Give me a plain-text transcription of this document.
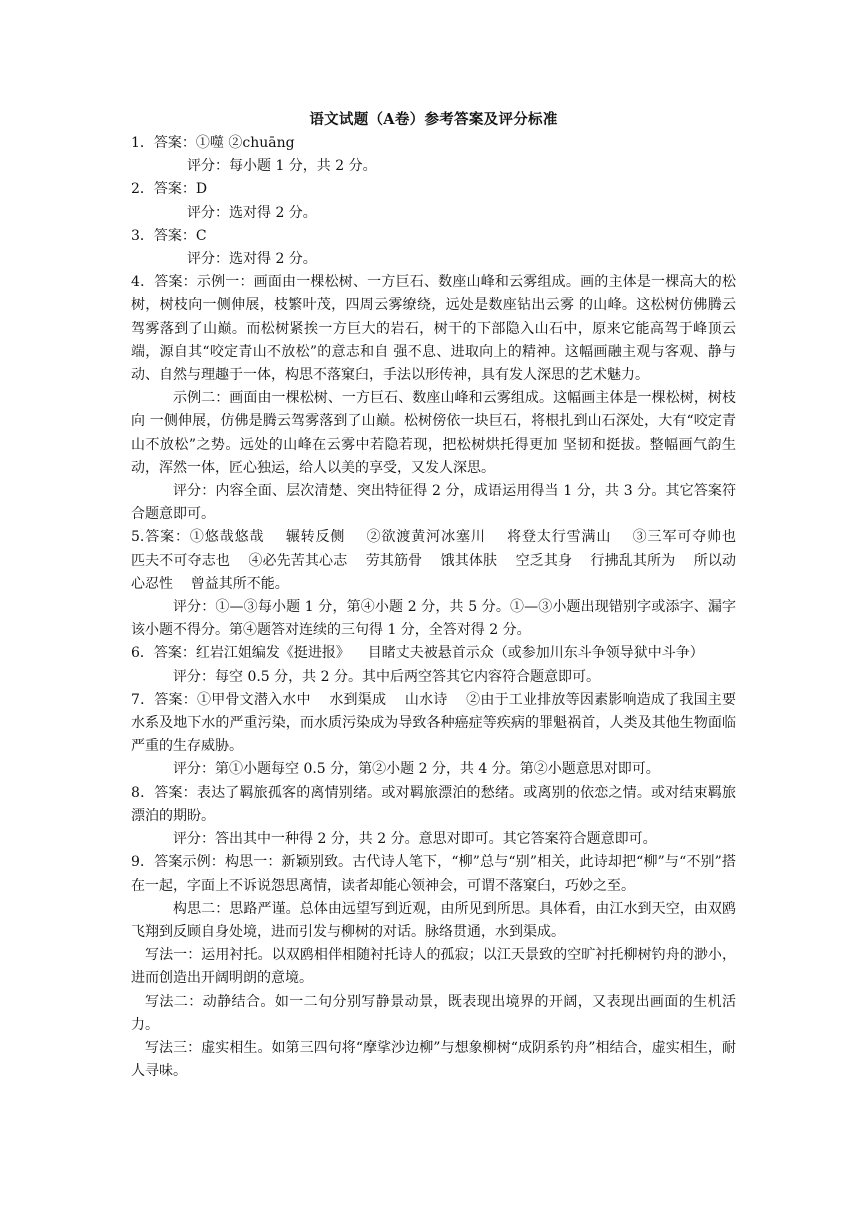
语文试题（A卷）参考答案及评分标准

1．答案：①噬 ②chuāng

评分：每小题 1 分，共 2 分。

2．答案：D

评分：选对得 2 分。

3．答案：C

评分：选对得 2 分。

4．答案：示例一：画面由一棵松树、一方巨石、数座山峰和云雾组成。画的主体是一棵高大的松树，树枝向一侧伸展，枝繁叶茂，四周云雾缭绕，远处是数座钻出云雾 的山峰。这松树仿佛腾云驾雾落到了山巅。而松树紧挨一方巨大的岩石，树干的下部隐入山石中，原来它能高驾于峰顶云端，源自其“咬定青山不放松”的意志和自 强不息、进取向上的精神。这幅画融主观与客观、静与动、自然与理趣于一体，构思不落窠臼，手法以形传神，具有发人深思的艺术魅力。

示例二：画面由一棵松树、一方巨石、数座山峰和云雾组成。这幅画主体是一棵松树，树枝向 一侧伸展，仿佛是腾云驾雾落到了山巅。松树傍依一块巨石，将根扎到山石深处，大有“咬定青山不放松”之势。远处的山峰在云雾中若隐若现，把松树烘托得更加 坚韧和挺拔。整幅画气韵生动，浑然一体，匠心独运，给人以美的享受，又发人深思。

评分：内容全面、层次清楚、突出特征得 2 分，成语运用得当 1 分，共 3 分。其它答案符合题意即可。

5.答案：①悠哉悠哉    辗转反侧    ②欲渡黄河冰塞川    将登太行雪满山    ③三军可夺帅也         匹夫不可夺志也    ④必先苦其心志    劳其筋骨    饿其体肤    空乏其身    行拂乱其所为    所以动心忍性    曾益其所不能。

评分：①—③每小题 1 分，第④小题 2 分，共 5 分。①—③小题出现错别字或添字、漏字该小题不得分。第④题答对连续的三句得 1 分，全答对得 2 分。

6．答案：红岩江姐编发《挺进报》    目睹丈夫被悬首示众（或参加川东斗争领导狱中斗争）

评分：每空 0.5 分，共 2 分。其中后两空答其它内容符合题意即可。

7．答案：①甲骨文潜入水中    水到渠成    山水诗    ②由于工业排放等因素影响造成了我国主要水系及地下水的严重污染，而水质污染成为导致各种癌症等疾病的罪魁祸首，人类及其他生物面临严重的生存威胁。

评分：第①小题每空 0.5 分，第②小题 2 分，共 4 分。第②小题意思对即可。

8．答案：表达了羁旅孤客的离情别绪。或对羁旅漂泊的愁绪。或离别的依恋之情。或对结束羁旅漂泊的期盼。

评分：答出其中一种得 2 分，共 2 分。意思对即可。其它答案符合题意即可。

9．答案示例：构思一：新颖别致。古代诗人笔下，“柳”总与“别”相关，此诗却把“柳”与“不别”搭在一起，字面上不诉说怨思离情，读者却能心领神会，可谓不落窠臼，巧妙之至。

构思二：思路严谨。总体由远望写到近观，由所见到所思。具体看，由江水到天空，由双鸥飞翔到反顾自身处境，进而引发与柳树的对话。脉络贯通，水到渠成。

写法一：运用衬托。以双鸥相伴相随衬托诗人的孤寂；以江天景致的空旷衬托柳树钓舟的渺小，进而创造出开阔明朗的意境。

写法二：动静结合。如一二句分别写静景动景，既表现出境界的开阔，又表现出画面的生机活力。

写法三：虚实相生。如第三四句将“摩挲沙边柳”与想象柳树“成阴系钓舟”相结合，虚实相生，耐人寻味。
